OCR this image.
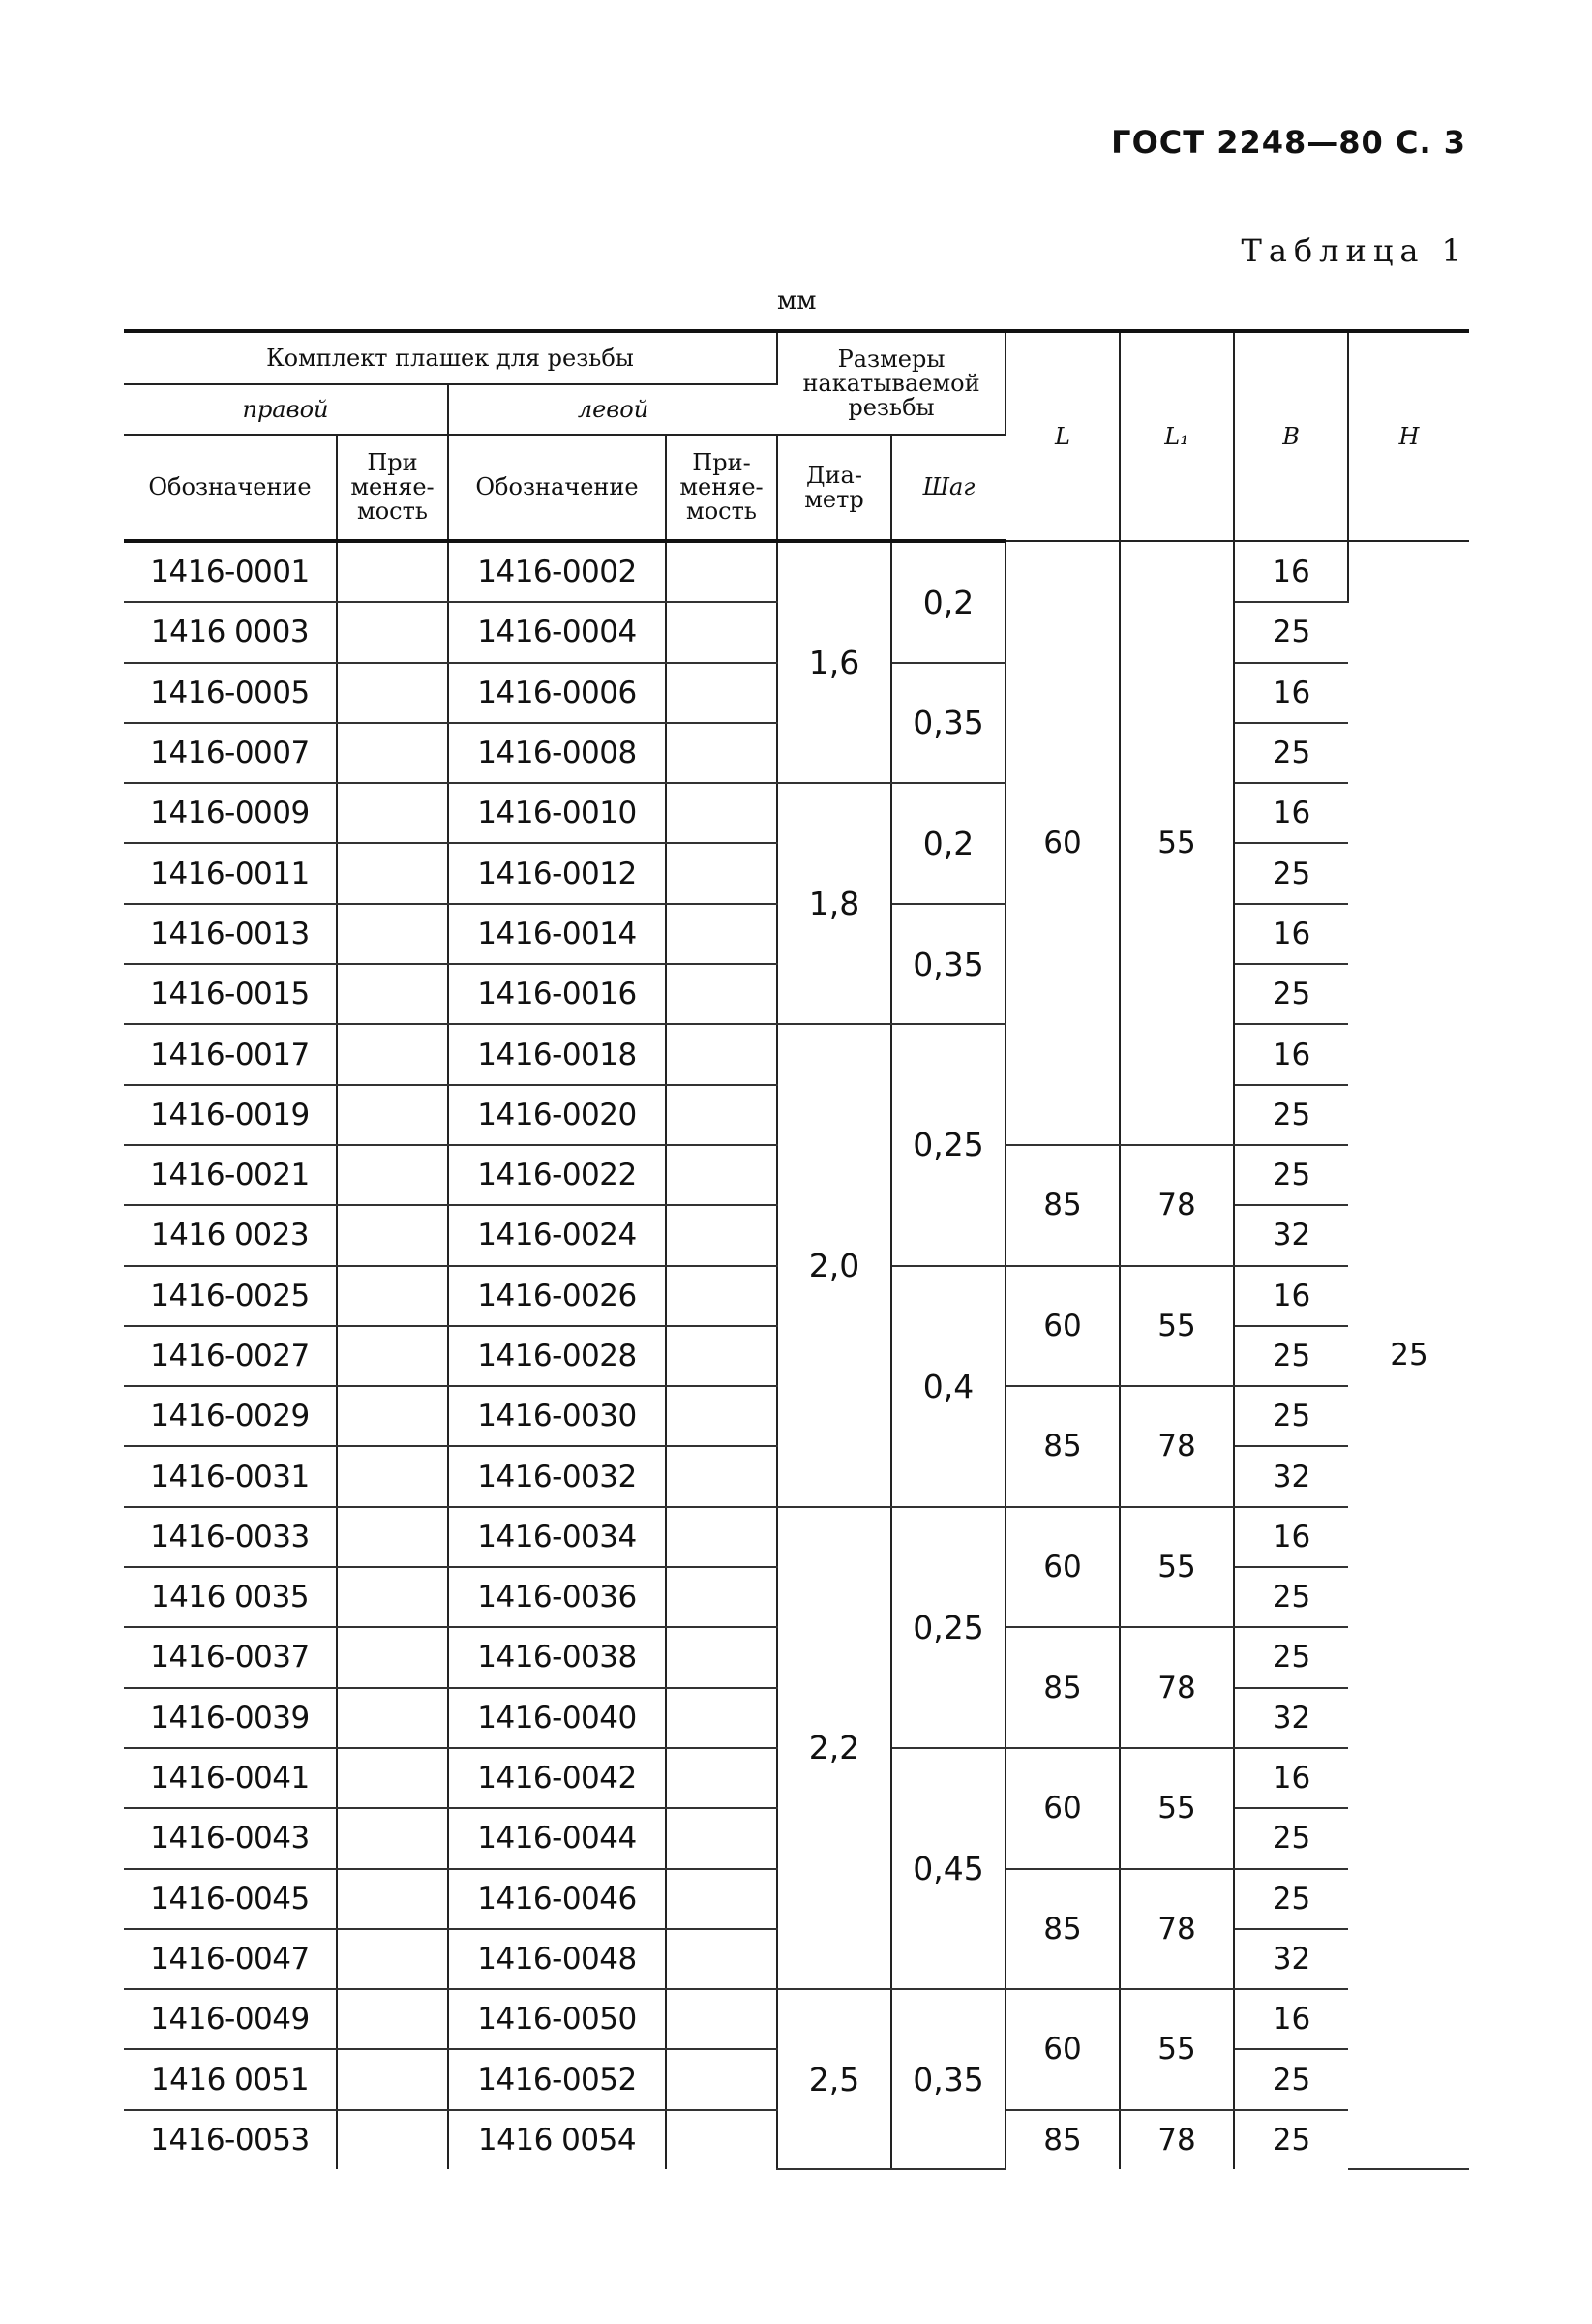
ГОСТ 2248—80 С. 3
Таблица 1
мм
Комплект плашек для резьбы				Размеры накатываемой резьбы		L	L₁	B	H
правой		левой							
Обозначение	При меняе- мость	Обозначение	При- меняе- мость	Диа- метр	Шаг				
1416-0001		1416-0002		1,6	0,2	60	55	16	25
1416 0003		1416-0004						25	
1416-0005		1416-0006			0,35			16	
1416-0007		1416-0008						25	
1416-0009		1416-0010		1,8	0,2			16	
1416-0011		1416-0012						25	
1416-0013		1416-0014			0,35			16	
1416-0015		1416-0016						25	
1416-0017		1416-0018		2,0	0,25			16	
1416-0019		1416-0020						25	
1416-0021		1416-0022				85	78	25	
1416 0023		1416-0024						32	
1416-0025		1416-0026			0,4	60	55	16	
1416-0027		1416-0028						25	
1416-0029		1416-0030				85	78	25	
1416-0031		1416-0032						32	
1416-0033		1416-0034		2,2	0,25	60	55	16	
1416 0035		1416-0036						25	
1416-0037		1416-0038				85	78	25	
1416-0039		1416-0040						32	
1416-0041		1416-0042			0,45	60	55	16	
1416-0043		1416-0044						25	
1416-0045		1416-0046				85	78	25	
1416-0047		1416-0048						32	
1416-0049		1416-0050		2,5	0,35	60	55	16	
1416 0051		1416-0052						25	
1416-0053		1416 0054				85	78	25	
